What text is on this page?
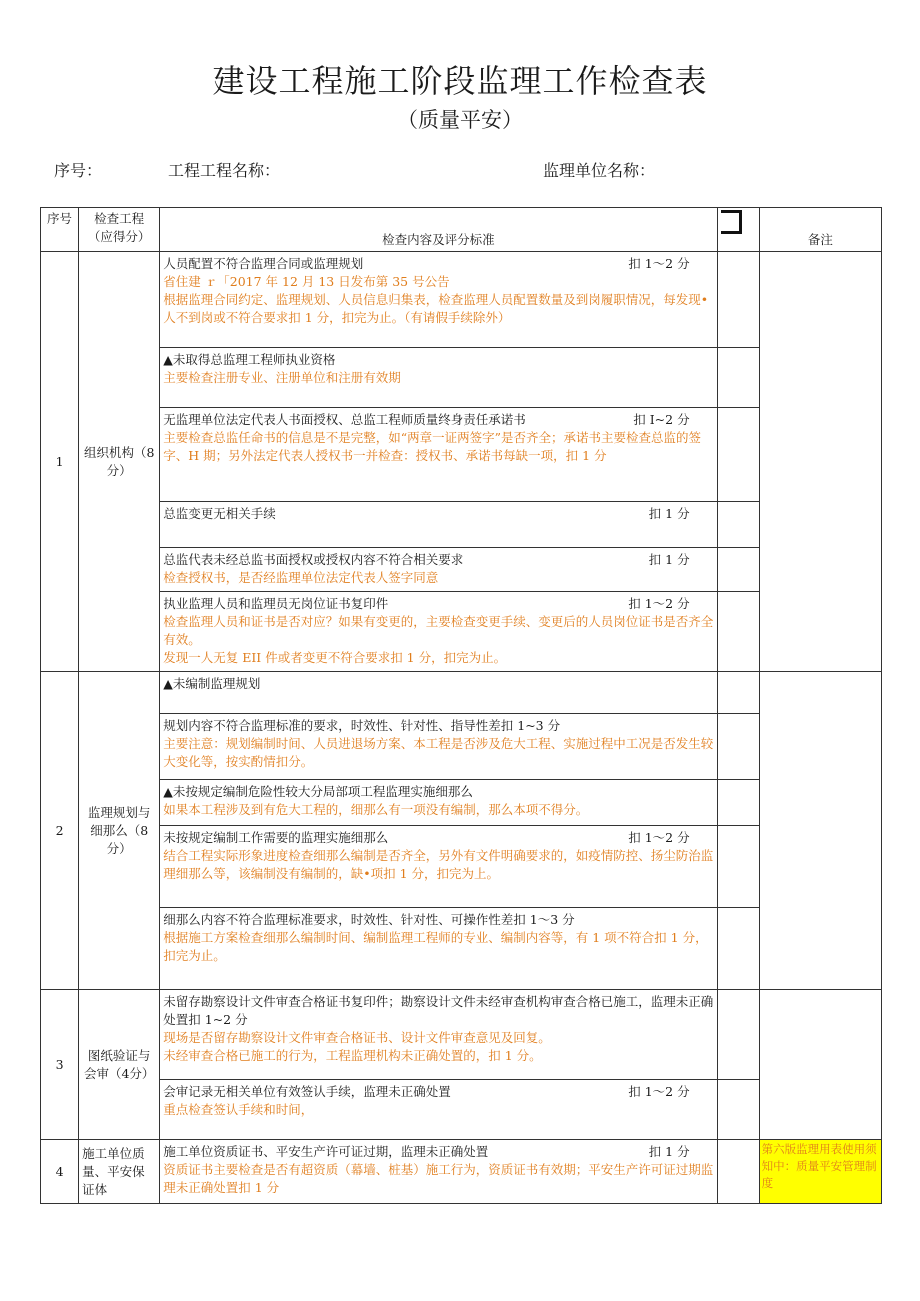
建设工程施工阶段监理工作检查表
（质量平安）
序号：	工程工程名称：	监理单位名称：
序号	检查工程（应得分）	检查内容及评分标准		备注
1	组织机构（8分）	人员配置不符合监理合同或监理规划 扣 1～2 分
省住建 ｒ「2017 年 12 月 13 日发布第 35 号公告
根据监理合同约定、监理规划、人员信息归集表，检查监理人员配置数量及到岗履职情况，每发现•人不到岗或不符合要求扣 1 分，扣完为止。（有请假手续除外）		

		▲未取得总监理工程师执业资格
主要检查注册专业、注册单位和注册有效期		

		无监理单位法定代表人书面授权、总监工程师质量终身责任承诺书 扣 I~2 分
主要检查总监任命书的信息是不是完整，如“两章一证两签字”是否齐全；承诺书主要检查总监的签字、H 期；另外法定代表人授权书一并检查：授权书、承诺书每缺一项，扣 1 分		

		总监变更无相关手续 扣 1 分		

		总监代表未经总监书面授权或授权内容不符合相关要求 扣 1 分
检查授权书，是否经监理单位法定代表人签字同意		

		执业监理人员和监理员无岗位证书复印件 扣 1～2 分
检查监理人员和证书是否对应？如果有变更的，主要检查变更手续、变更后的人员岗位证书是否齐全有效。
发现一人无复 EII 件或者变更不符合要求扣 1 分，扣完为止。		

2	监理规划与细那么（8分）	▲未编制监理规划		

		规划内容不符合监理标准的要求，时效性、针对性、指导性差扣 1~3 分
主要注意：规划编制时间、人员进退场方案、本工程是否涉及危大工程、实施过程中工况是否发生较大变化等，按实酌情扣分。		

		▲未按规定编制危险性较大分局部项工程监理实施细那么
如果本工程涉及到有危大工程的，细那么有一项没有编制，那么本项不得分。		

		未按规定编制工作需要的监理实施细那么 扣 1～2 分
结合工程实际形象进度检查细那么编制是否齐全，另外有文件明确要求的，如疫情防控、扬尘防治监理细那么等，该编制没有编制的，缺•项扣 1 分，扣完为上。		

		细那么内容不符合监理标准要求，时效性、针对性、可操作性差扣 1～3 分
根据施工方案检查细那么编制时间、编制监理工程师的专业、编制内容等，有 1 项不符合扣 1 分，扣完为止。		

3	图纸验证与会审（4分）	未留存勘察设计文件审查合格证书复印件；勘察设计文件未经审查机构审查合格已施工，监理未正确处置扣 1~2 分
现场是否留存勘察设计文件审查合格证书、设计文件审查意见及回复。
未经审查合格已施工的行为，工程监理机构未正确处置的，扣 1 分。		

		会审记录无相关单位有效签认手续，监理未正确处置 扣 1～2 分
重点检查签认手续和时间，		

4	施工单位质量、平安保证体	施工单位资质证书、平安生产许可证过期，监理未正确处置 扣 1 分
资质证书主要检查是否有超资质（幕墙、桩基）施工行为，资质证书有效期；平安生产许可证过期监理未正确处置扣 1 分		第六版监理用表使用须知中：质量平安管理制度
